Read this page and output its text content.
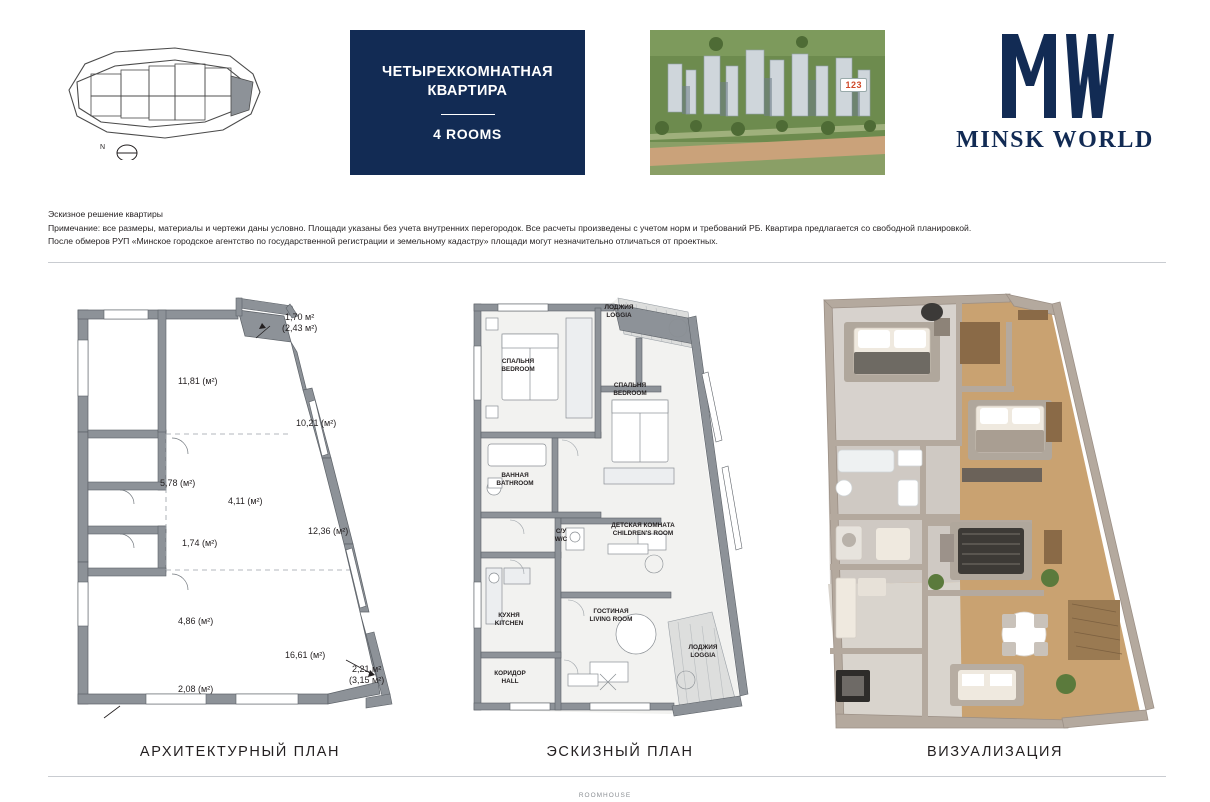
N
ЧЕТЫРЕХКОМНАТНАЯ
КВАРТИРА
4 ROOMS
123
MINSK WORLD
Эскизное решение квартиры
Примечание: все размеры, материалы и чертежи даны условно. Площади указаны без учета внутренних перегородок. Все расчеты произведены с учетом норм и требований РБ. Квартира предлагается со свободной планировкой.
После обмеров РУП «Минское городское агентство по государственной регистрации и земельному кадастру» площади могут незначительно отличаться от проектных.
1,70 м²
(2,43 м²)
11,81 (м²)
10,21 (м²)
5,78 (м²)
4,11 (м²)
1,74 (м²)
12,36 (м²)
4,86 (м²)
16,61 (м²)
2,08 (м²)
2,21 м²
(3,15 м²)
ЛОДЖИЯ
LOGGIA
СПАЛЬНЯ
BEDROOM
СПАЛЬНЯ
BEDROOM
ВАННАЯ
BATHROOM
С/У
W/C
ДЕТСКАЯ КОМНАТА
CHILDREN'S ROOM
ГОСТИНАЯ
LIVING ROOM
КУХНЯ
KITCHEN
КОРИДОР
HALL
ЛОДЖИЯ
LOGGIA
АРХИТЕКТУРНЫЙ ПЛАН	ЭСКИЗНЫЙ ПЛАН	ВИЗУАЛИЗАЦИЯ
ROOMHOUSE
